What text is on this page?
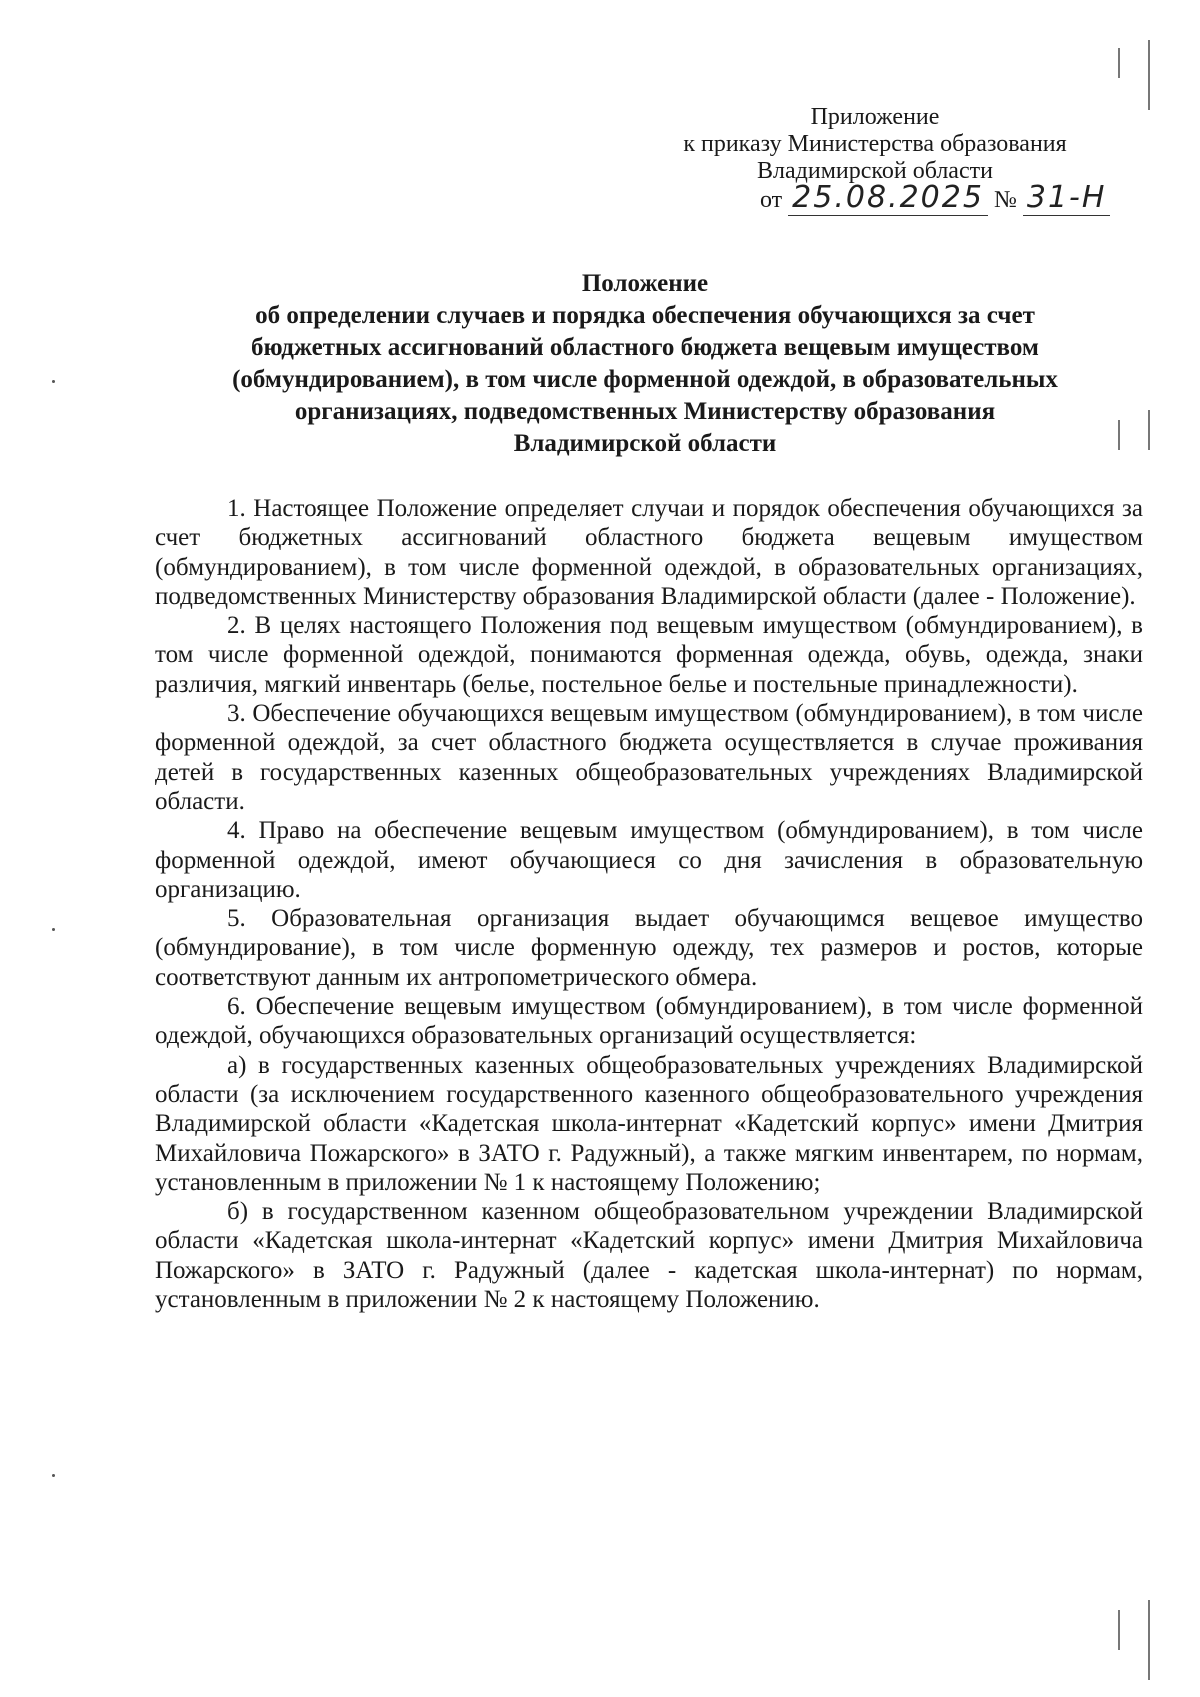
Приложение
к приказу Министерства образования
Владимирской области
от 25.08.2025 № 31-Н
Положение
об определении случаев и порядка обеспечения обучающихся за счет
бюджетных ассигнований областного бюджета вещевым имуществом
(обмундированием), в том числе форменной одеждой, в образовательных
организациях, подведомственных Министерству образования
Владимирской области

1. Настоящее Положение определяет случаи и порядок обеспечения обучающихся за счет бюджетных ассигнований областного бюджета вещевым имуществом (обмундированием), в том числе форменной одеждой, в образовательных организациях, подведомственных Министерству образования Владимирской области (далее - Положение).

2. В целях настоящего Положения под вещевым имуществом (обмундированием), в том числе форменной одеждой, понимаются форменная одежда, обувь, одежда, знаки различия, мягкий инвентарь (белье, постельное белье и постельные принадлежности).

3. Обеспечение обучающихся вещевым имуществом (обмундированием), в том числе форменной одеждой, за счет областного бюджета осуществляется в случае проживания детей в государственных казенных общеобразовательных учреждениях Владимирской области.

4. Право на обеспечение вещевым имуществом (обмундированием), в том числе форменной одеждой, имеют обучающиеся со дня зачисления в образовательную организацию.

5. Образовательная организация выдает обучающимся вещевое имущество (обмундирование), в том числе форменную одежду, тех размеров и ростов, которые соответствуют данным их антропометрического обмера.

6. Обеспечение вещевым имуществом (обмундированием), в том числе форменной одеждой, обучающихся образовательных организаций осуществляется:

а) в государственных казенных общеобразовательных учреждениях Владимирской области (за исключением государственного казенного общеобразовательного учреждения Владимирской области «Кадетская школа-интернат «Кадетский корпус» имени Дмитрия Михайловича Пожарского» в ЗАТО г. Радужный), а также мягким инвентарем, по нормам, установленным в приложении № 1 к настоящему Положению;

б) в государственном казенном общеобразовательном учреждении Владимирской области «Кадетская школа-интернат «Кадетский корпус» имени Дмитрия Михайловича Пожарского» в ЗАТО г. Радужный (далее - кадетская школа-интернат) по нормам, установленным в приложении № 2 к настоящему Положению.
